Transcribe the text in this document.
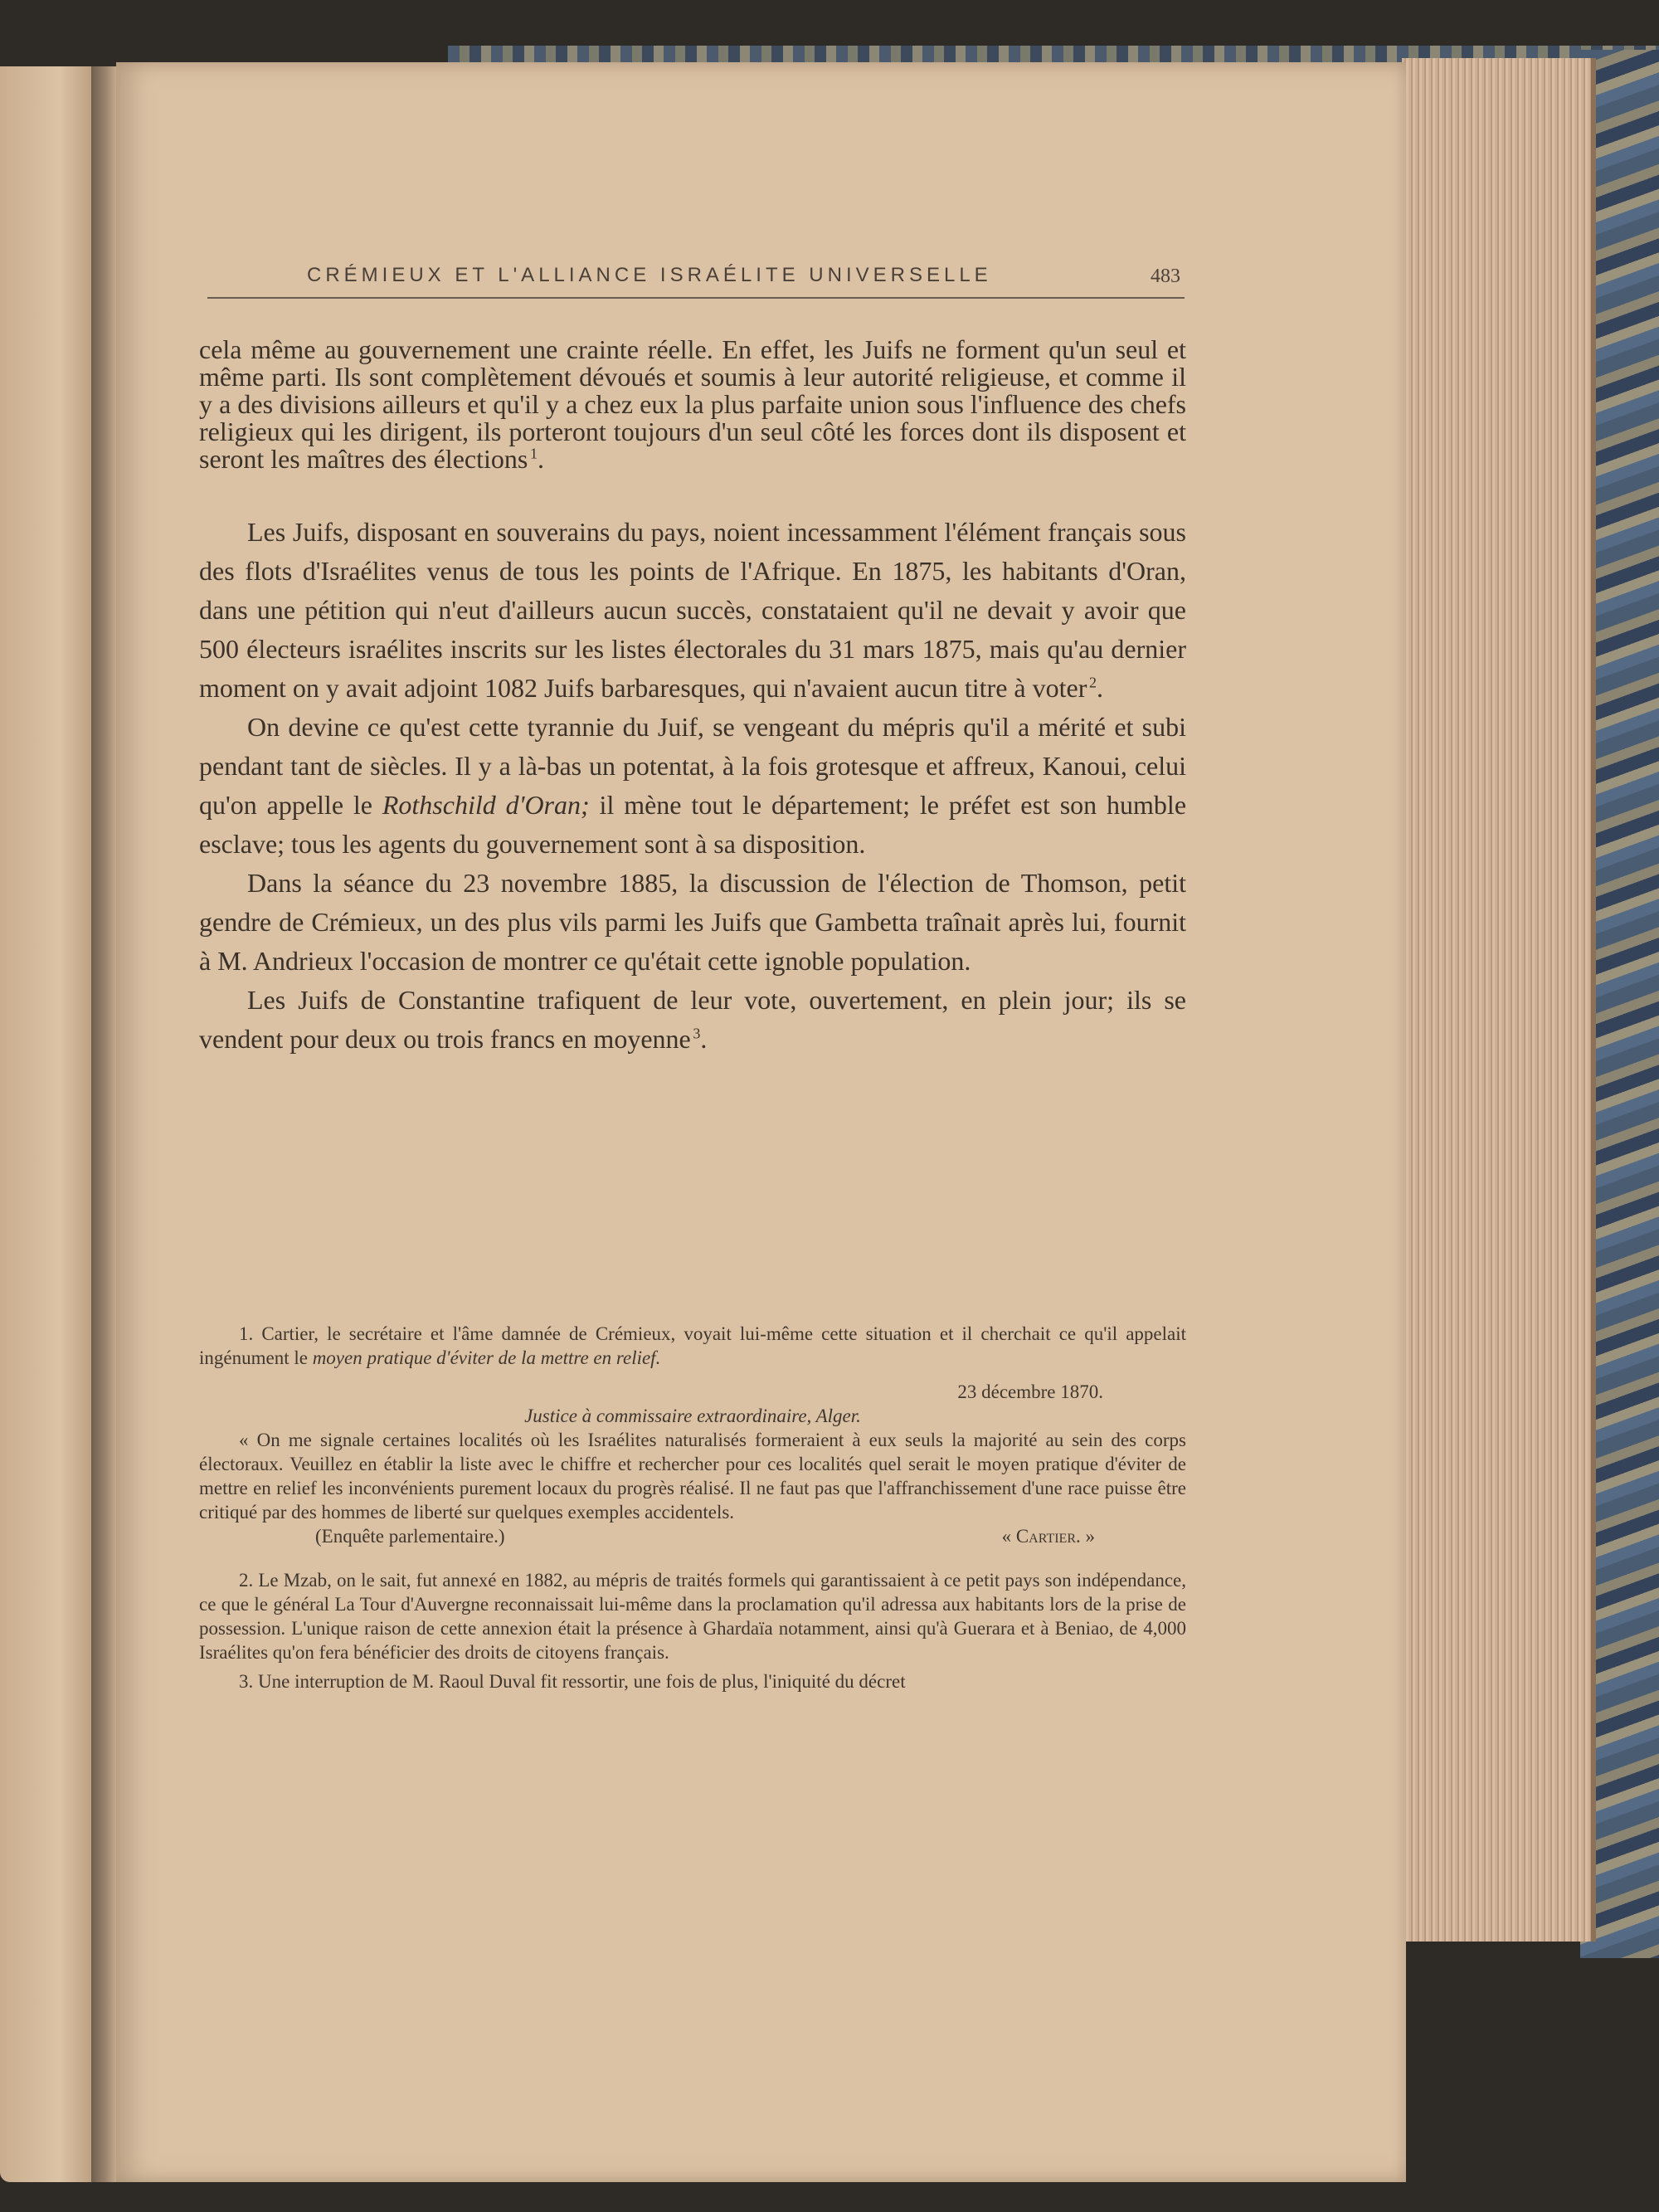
CRÉMIEUX ET L'ALLIANCE ISRAÉLITE UNIVERSELLE	483

cela même au gouvernement une crainte réelle. En effet, les Juifs ne forment qu'un seul et même parti. Ils sont complètement dévoués et soumis à leur autorité religieuse, et comme il y a des divisions ailleurs et qu'il y a chez eux la plus parfaite union sous l'influence des chefs religieux qui les dirigent, ils porteront toujours d'un seul côté les forces dont ils disposent et seront les maîtres des élections  $^1$.

Les Juifs, disposant en souverains du pays, noient incessamment l'élément français sous des flots d'Israélites venus de tous les points de l'Afrique. En 1875, les habitants d'Oran, dans une pétition qui n'eut d'ailleurs aucun succès, constataient qu'il ne devait y avoir que 500 électeurs israélites inscrits sur les listes électorales du 31 mars 1875, mais qu'au dernier moment on y avait adjoint 1082 Juifs barbaresques, qui n'avaient aucun titre à voter  $^2$.

On devine ce qu'est cette tyrannie du Juif, se vengeant du mépris qu'il a mérité et subi pendant tant de siècles. Il y a là-bas un potentat, à la fois grotesque et affreux, Kanoui, celui qu'on appelle le Rothschild d'Oran; il mène tout le département; le préfet est son humble esclave; tous les agents du gouvernement sont à sa disposition.

Dans la séance du 23 novembre 1885, la discussion de l'élection de Thomson, petit gendre de Crémieux, un des plus vils parmi les Juifs que Gambetta traînait après lui, fournit à M. Andrieux l'occasion de montrer ce qu'était cette ignoble population.

Les Juifs de Constantine trafiquent de leur vote, ouvertement, en plein jour; ils se vendent pour deux ou trois francs en moyenne  $^3$.

1. Cartier, le secrétaire et l'âme damnée de Crémieux, voyait lui-même cette situation et il cherchait ce qu'il appelait ingénument le moyen pratique d'éviter de la mettre en relief.

23 décembre 1870.

Justice à commissaire extraordinaire, Alger.

« On me signale certaines localités où les Israélites naturalisés formeraient à eux seuls la majorité au sein des corps électoraux. Veuillez en établir la liste avec le chiffre et rechercher pour ces localités quel serait le moyen pratique d'éviter de mettre en relief les inconvénients purement locaux du progrès réalisé. Il ne faut pas que l'affranchissement d'une race puisse être critiqué par des hommes de liberté sur quelques exemples accidentels.

(Enquête parlementaire.)	« Cartier. »

2. Le Mzab, on le sait, fut annexé en 1882, au mépris de traités formels qui garantissaient à ce petit pays son indépendance, ce que le général La Tour d'Auvergne reconnaissait lui-même dans la proclamation qu'il adressa aux habitants lors de la prise de possession. L'unique raison de cette annexion était la présence à Ghardaïa notamment, ainsi qu'à Guerara et à Beniao, de 4,000 Israélites qu'on fera bénéficier des droits de citoyens français.

3. Une interruption de M. Raoul Duval fit ressortir, une fois de plus, l'iniquité du décret
